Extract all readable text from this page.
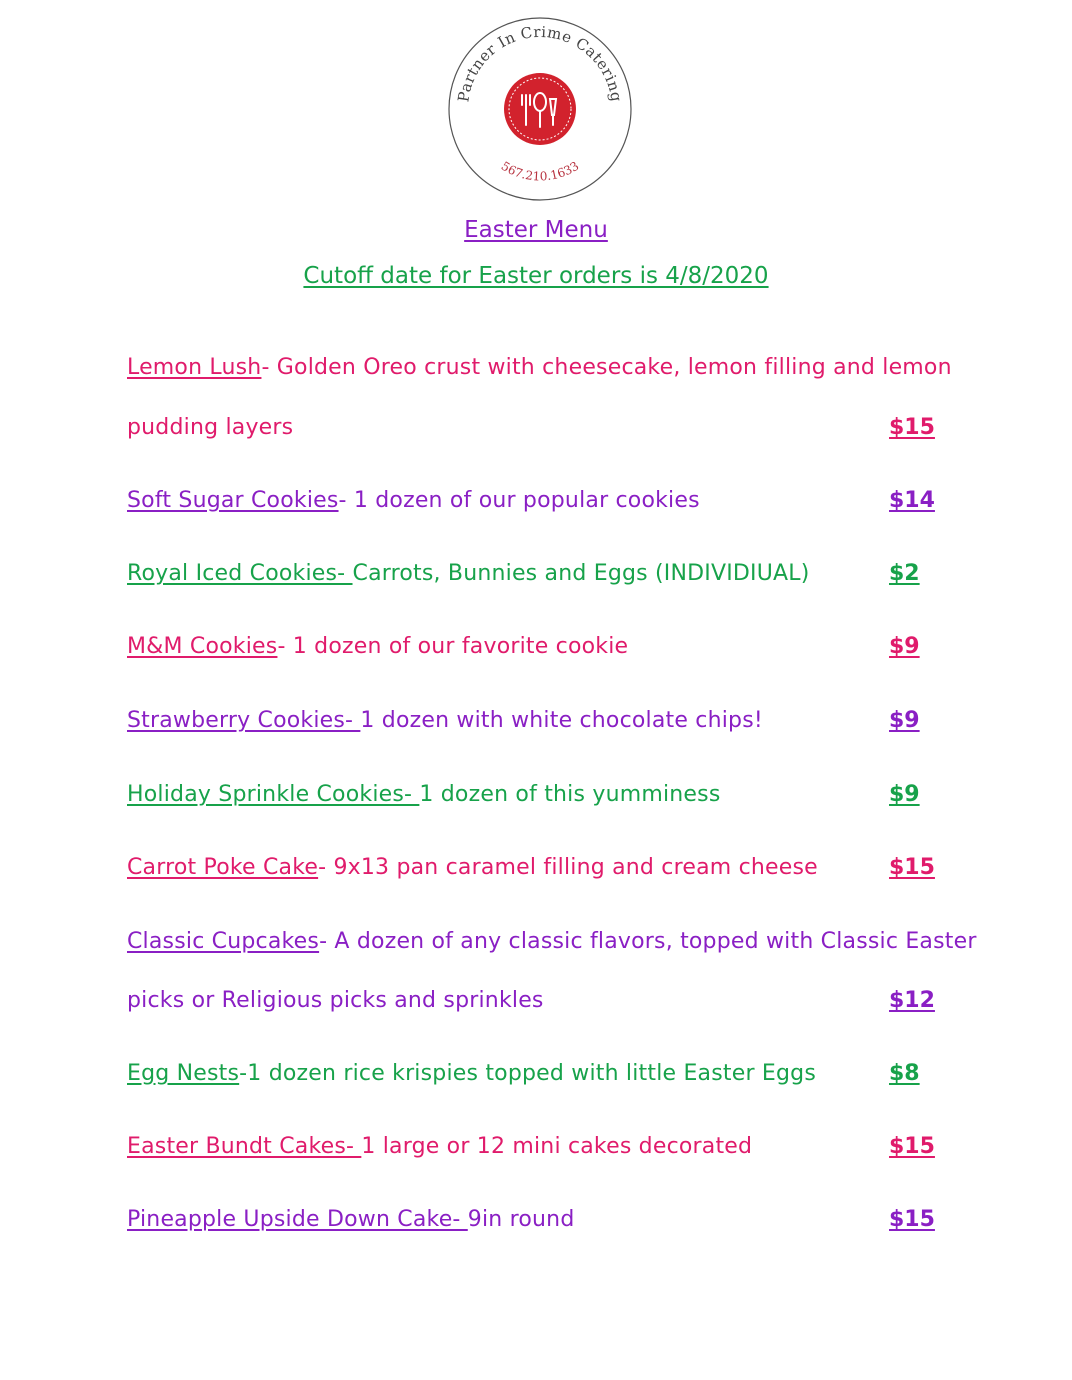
Partner In Crime Catering
567.210.1633
Easter Menu
Cutoff date for Easter orders is 4/8/2020
Lemon Lush- Golden Oreo crust with cheesecake, lemon filling and lemon
pudding layers	$15
Soft Sugar Cookies- 1 dozen of our popular cookies	$14
Royal Iced Cookies- Carrots, Bunnies and Eggs (INDIVIDIUAL)	$2
M&M Cookies- 1 dozen of our favorite cookie	$9
Strawberry Cookies- 1 dozen with white chocolate chips!	$9
Holiday Sprinkle Cookies- 1 dozen of this yumminess	$9
Carrot Poke Cake- 9x13 pan caramel filling and cream cheese	$15
Classic Cupcakes- A dozen of any classic flavors, topped with Classic Easter
picks or Religious picks and sprinkles	$12
Egg Nests-1 dozen rice krispies topped with little Easter Eggs	$8
Easter Bundt Cakes- 1 large or 12 mini cakes decorated	$15
Pineapple Upside Down Cake- 9in round	$15
